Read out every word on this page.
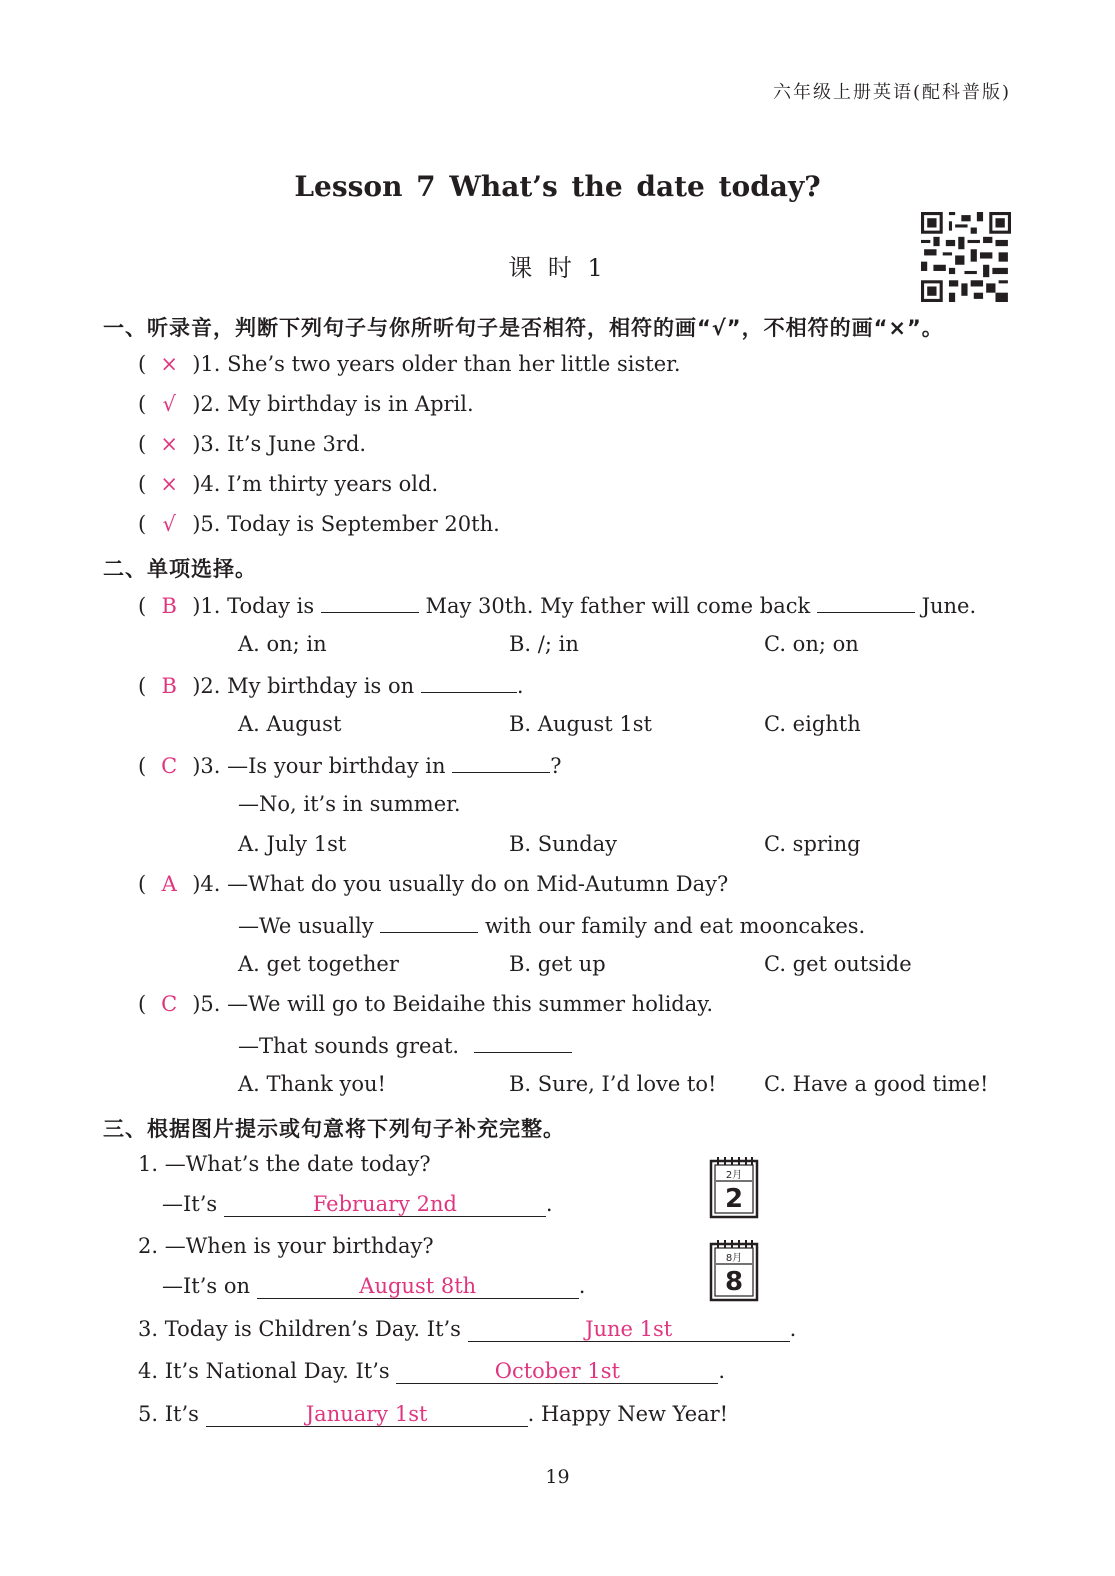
六年级上册英语(配科普版)
Lesson 7 What’s the date today?
课 时 1
一、听录音，判断下列句子与你所听句子是否相符，相符的画“√”，不相符的画“×”。
( × )1. She’s two years older than her little sister.
( √ )2. My birthday is in April.
( × )3. It’s June 3rd.
( × )4. I’m thirty years old.
( √ )5. Today is September 20th.
二、单项选择。
( B )1. Today is	May 30th. My father will come back	June.
A. on; in	B. /; in	C. on; on
( B )2. My birthday is on	.
A. August	B. August 1st	C. eighth
( C )3. —Is your birthday in	?
—No, it’s in summer.
A. July 1st	B. Sunday	C. spring
( A )4. —What do you usually do on Mid-Autumn Day?
—We usually	with our family and eat mooncakes.
A. get together	B. get up	C. get outside
( C )5. —We will go to Beidaihe this summer holiday.
—That sounds great.
A. Thank you!	B. Sure, I’d love to! C. Have a good time!
三、根据图片提示或句意将下列句子补充完整。
1. —What’s the date today?
—It’s	February 2nd	.
2月
2
2. —When is your birthday?
—It’s on	August 8th	.
8月
8
3. Today is Children’s Day. It’s	June 1st	.
4. It’s National Day. It’s	October 1st	.
5. It’s	January 1st	. Happy New Year!
19
